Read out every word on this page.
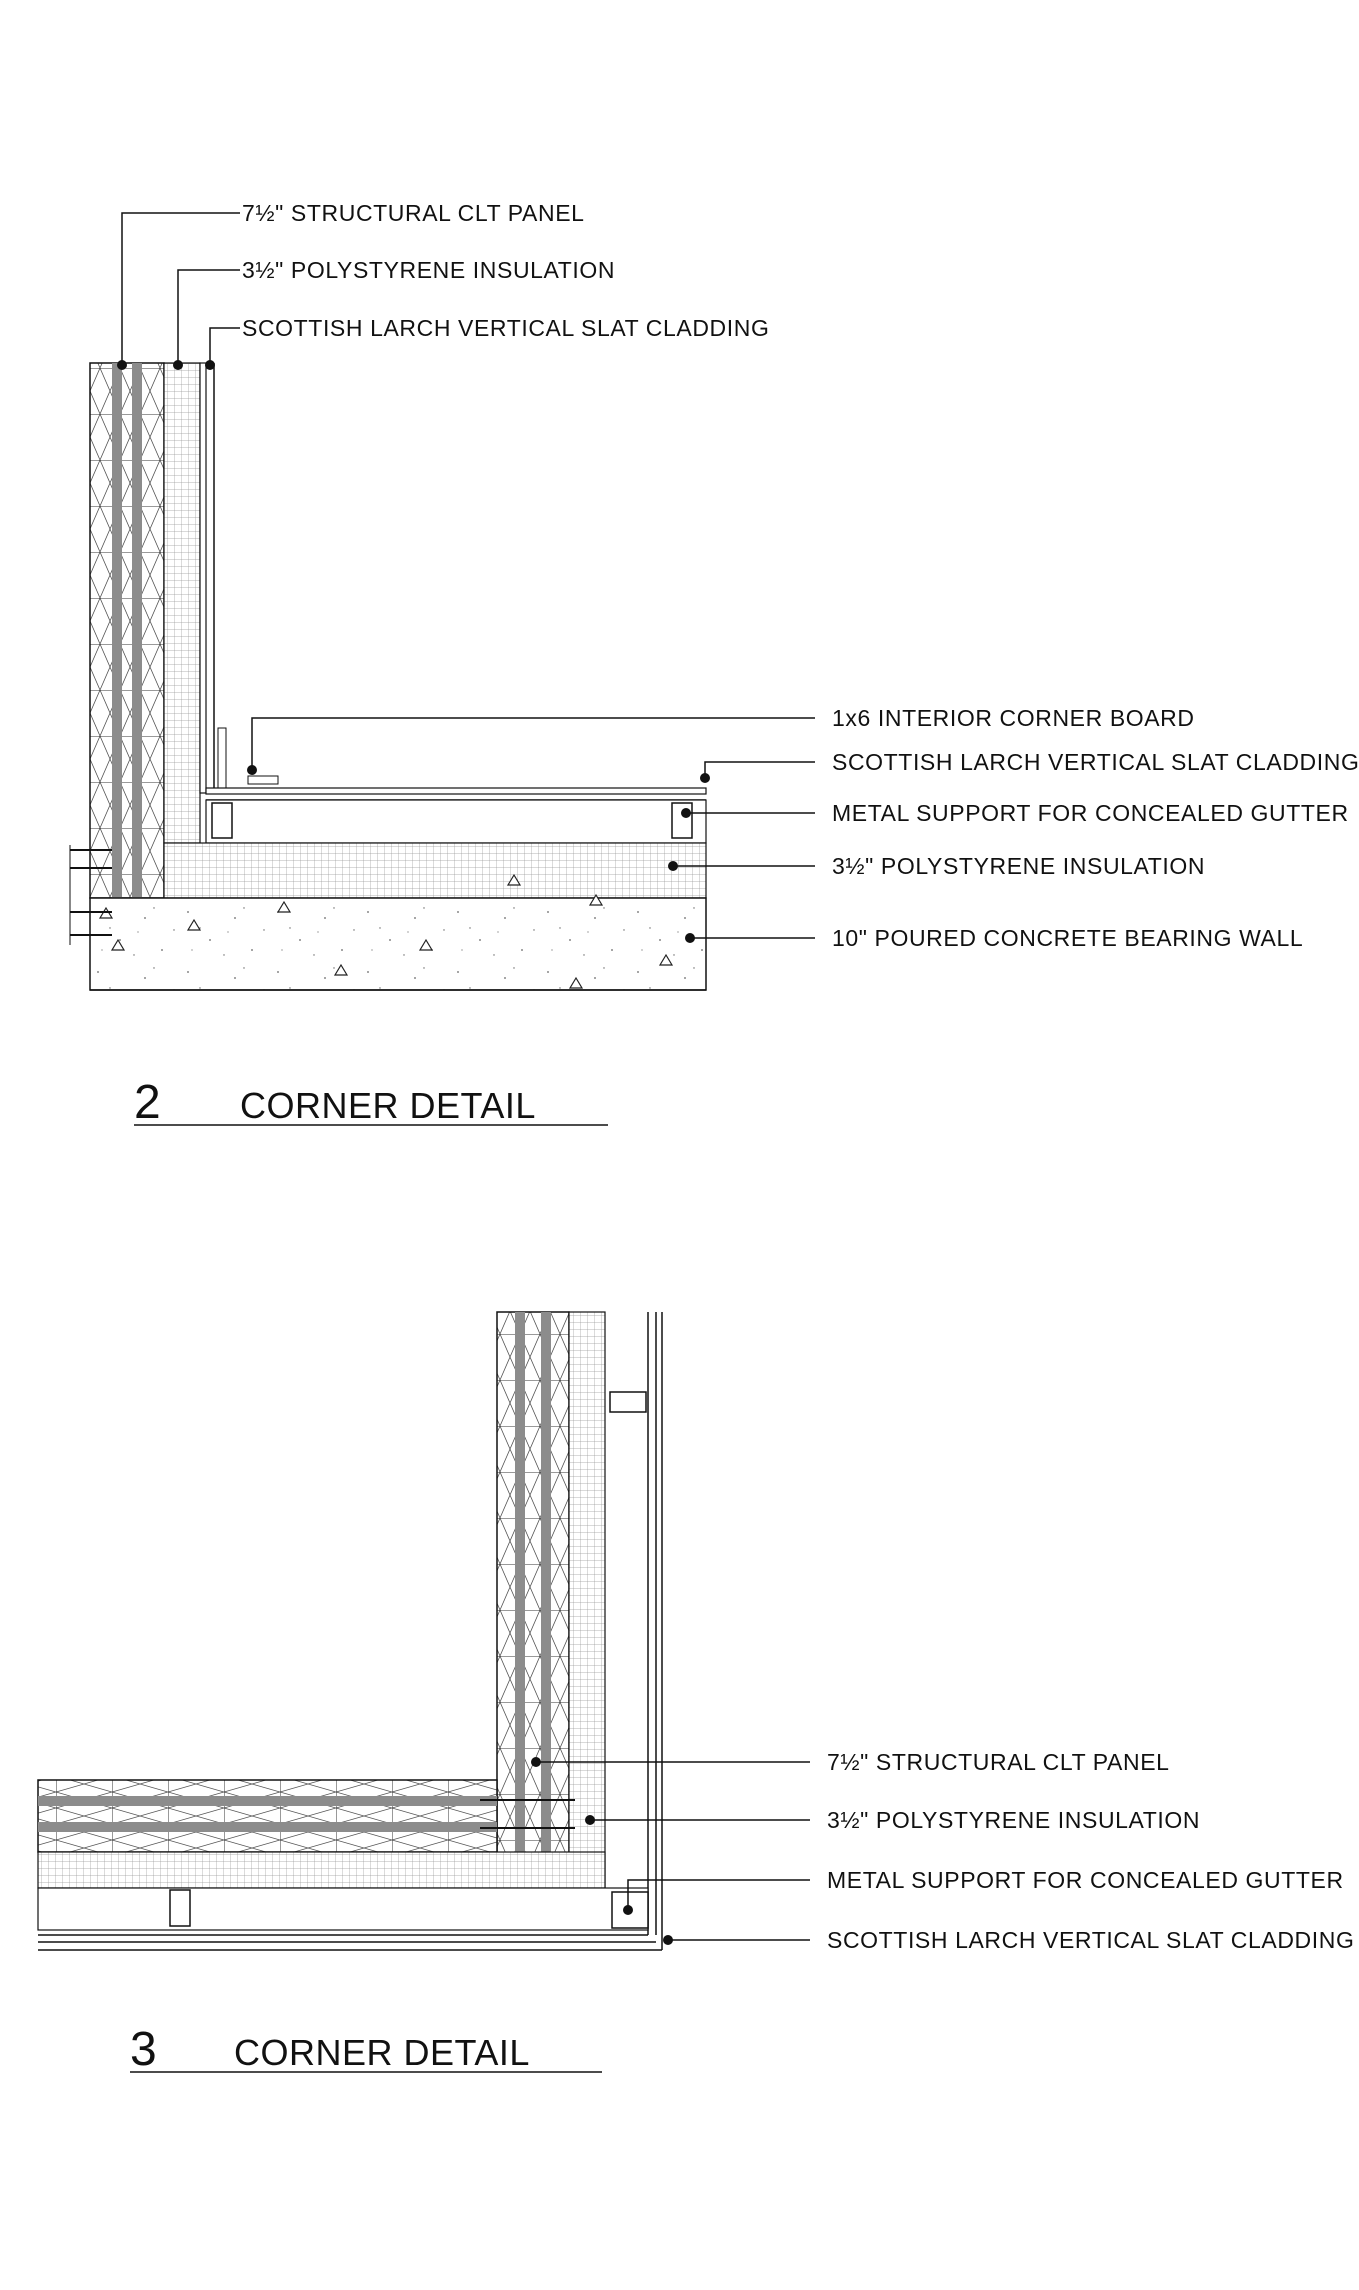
7½" STRUCTURAL CLT PANEL
3½" POLYSTYRENE INSULATION
SCOTTISH LARCH VERTICAL SLAT CLADDING
1x6 INTERIOR CORNER BOARD
SCOTTISH LARCH VERTICAL SLAT CLADDING
METAL SUPPORT FOR CONCEALED GUTTER
3½" POLYSTYRENE INSULATION
10" POURED CONCRETE BEARING WALL
2 CORNER DETAIL
7½" STRUCTURAL CLT PANEL
3½" POLYSTYRENE INSULATION
METAL SUPPORT FOR CONCEALED GUTTER
SCOTTISH LARCH VERTICAL SLAT CLADDING
3 CORNER DETAIL
